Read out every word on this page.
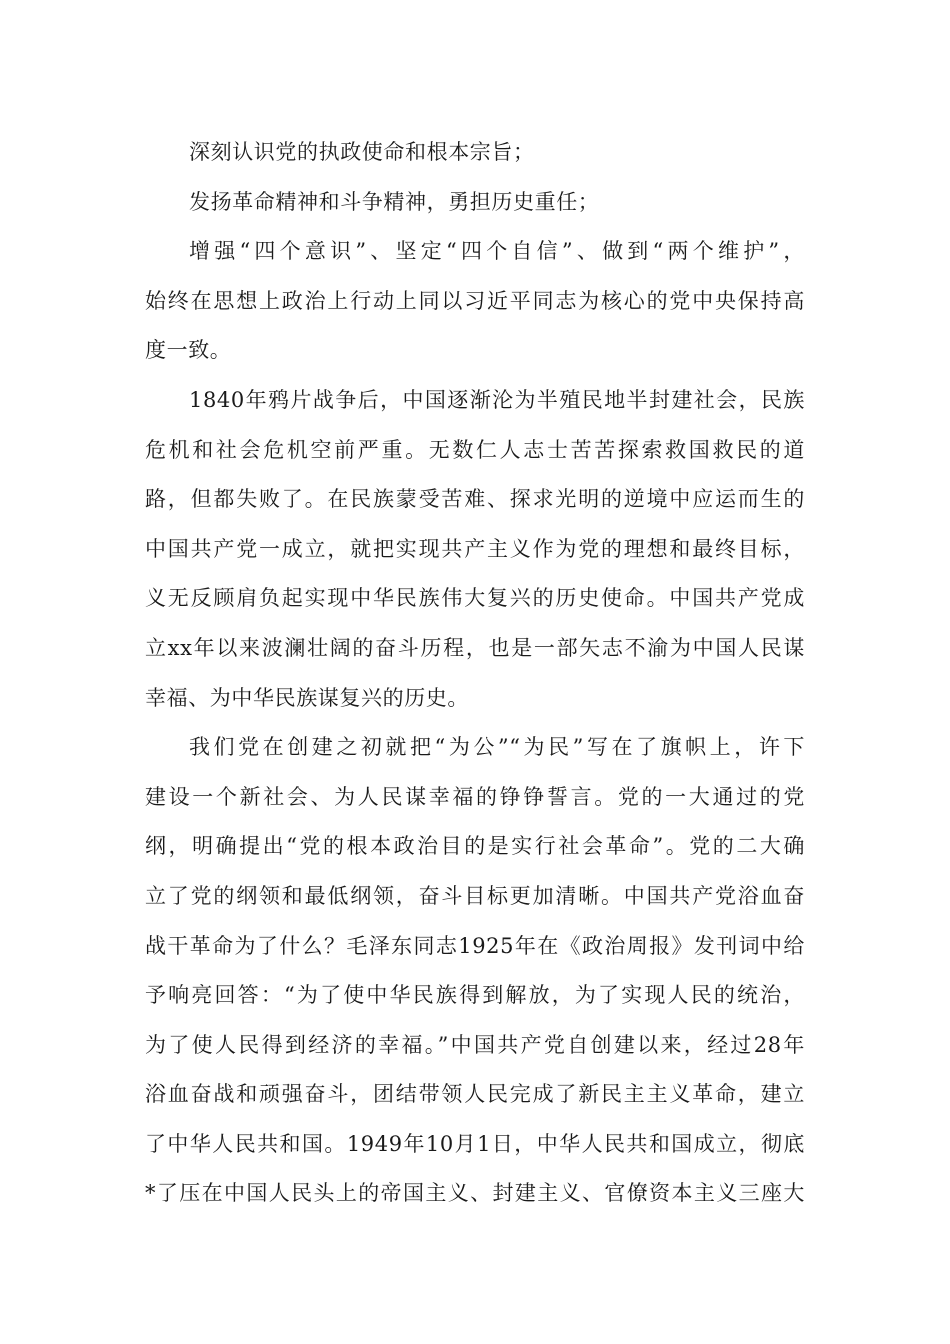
深刻认识党的执政使命和根本宗旨；
发扬革命精神和斗争精神，勇担历史重任；
增强“四个意识”、坚定“四个自信”、做到“两个维护”，
始终在思想上政治上行动上同以习近平同志为核心的党中央保持高
度一致。
1840年鸦片战争后，中国逐渐沦为半殖民地半封建社会，民族
危机和社会危机空前严重。无数仁人志士苦苦探索救国救民的道
路，但都失败了。在民族蒙受苦难、探求光明的逆境中应运而生的
中国共产党一成立，就把实现共产主义作为党的理想和最终目标，
义无反顾肩负起实现中华民族伟大复兴的历史使命。中国共产党成
立xx年以来波澜壮阔的奋斗历程，也是一部矢志不渝为中国人民谋
幸福、为中华民族谋复兴的历史。
我们党在创建之初就把“为公”“为民”写在了旗帜上，许下
建设一个新社会、为人民谋幸福的铮铮誓言。党的一大通过的党
纲，明确提出“党的根本政治目的是实行社会革命”。党的二大确
立了党的纲领和最低纲领，奋斗目标更加清晰。中国共产党浴血奋
战干革命为了什么？毛泽东同志1925年在《政治周报》发刊词中给
予响亮回答：“为了使中华民族得到解放，为了实现人民的统治，
为了使人民得到经济的幸福。”中国共产党自创建以来，经过28年
浴血奋战和顽强奋斗，团结带领人民完成了新民主主义革命，建立
了中华人民共和国。1949年10月1日，中华人民共和国成立，彻底
*了压在中国人民头上的帝国主义、封建主义、官僚资本主义三座大
